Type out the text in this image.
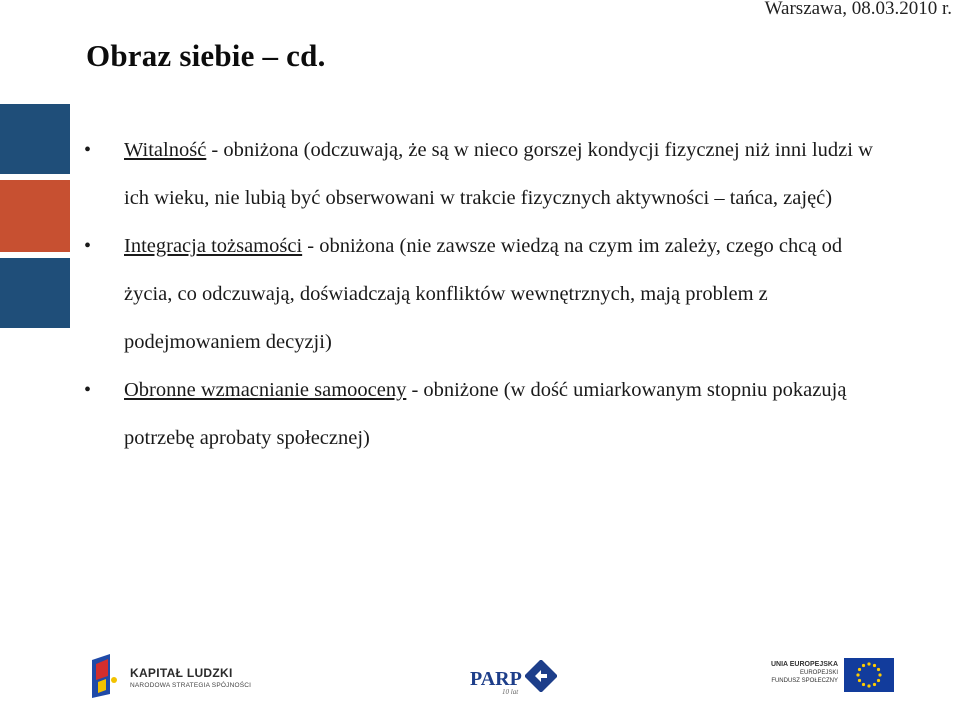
Warszawa, 08.03.2010 r.
Obraz siebie – cd.
• Witalność - obniżona (odczuwają, że są w nieco gorszej kondycji fizycznej niż inni ludzi w ich wieku, nie lubią być obserwowani w trakcie fizycznych aktywności – tańca, zajęć)
• Integracja tożsamości - obniżona (nie zawsze wiedzą na czym im zależy, czego chcą od życia, co odczuwają, doświadczają konfliktów wewnętrznych, mają problem z podejmowaniem decyzji)
• Obronne wzmacnianie samooceny - obniżone (w dość umiarkowanym stopniu pokazują potrzebę aprobaty społecznej)
KAPITAŁ LUDZKI
NARODOWA STRATEGIA SPÓJNOŚCI	PARP
10 lat
UNIA EUROPEJSKA
EUROPEJSKI
FUNDUSZ SPOŁECZNY
